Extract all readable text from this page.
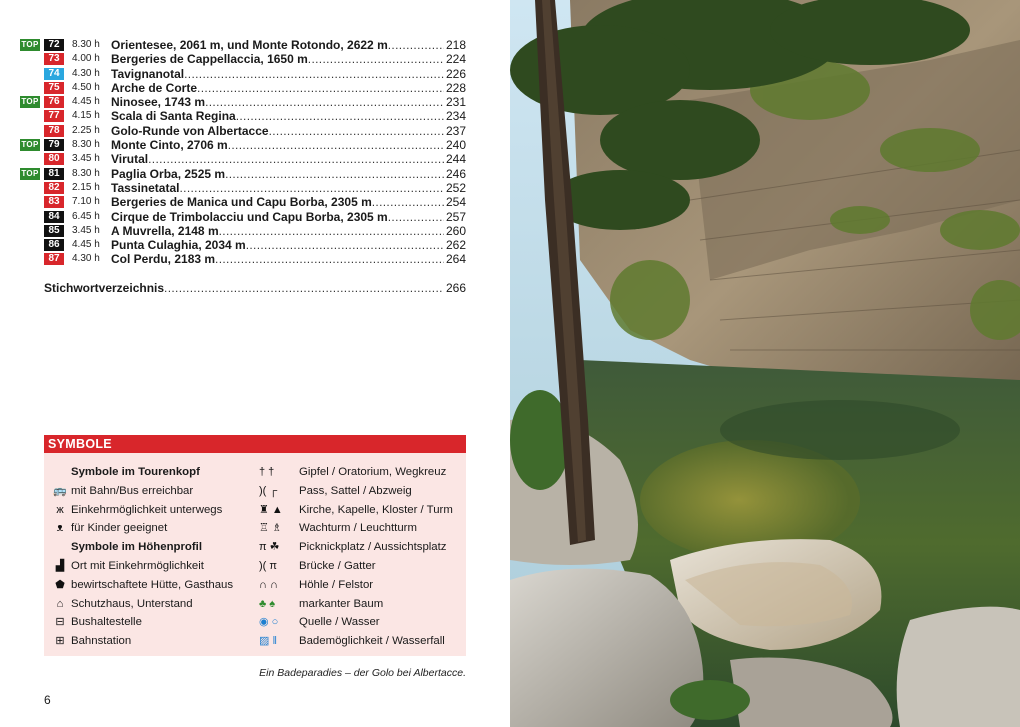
TOP 72	8.30 h Orientesee, 2061 m, und Monte Rotondo, 2622 m . . .	218
73	4.00 h Bergeries de Cappellaccia, 1650 m . . .	224
74	4.30 h Tavignanotal . . .	226
75	4.50 h Arche de Corte . . .	228
TOP 76	4.45 h Ninosee, 1743 m . . .	231
77	4.15 h Scala di Santa Regina . . .	234
78	2.25 h Golo-Runde von Albertacce . . .	237
TOP 79	8.30 h Monte Cinto, 2706 m . . .	240
80	3.45 h Virutal . . .	244
TOP 81	8.30 h Paglia Orba, 2525 m . . .	246
82	2.15 h Tassinetatal . . .	252
83	7.10 h Bergeries de Manica und Capu Borba, 2305 m . . .	254
84	6.45 h Cirque de Trimbolacciu und Capu Borba, 2305 m . . .	257
85	3.45 h A Muvrella, 2148 m . . .	260
86	4.45 h Punta Culaghia, 2034 m . . .	262
87	4.30 h Col Perdu, 2183 m . . .	264
Stichwortverzeichnis . . .	266
SYMBOLE
Symbole im Tourenkopf
🚌 mit Bahn/Bus erreichbar
ж Einkehrmöglichkeit unterwegs
ᴥ für Kinder geeignet
Symbole im Höhenprofil
▟ Ort mit Einkehrmöglichkeit
⬟ bewirtschaftete Hütte, Gasthaus
⌂ Schutzhaus, Unterstand
⊟ Bushaltestelle
⊞ Bahnstation
† † Gipfel / Oratorium, Wegkreuz
)( ┌ Pass, Sattel / Abzweig
♜ ▲ Kirche, Kapelle, Kloster / Turm
♖ ♗ Wachturm / Leuchtturm
π ☘ Picknickplatz / Aussichtsplatz
)( π Brücke / Gatter
∩ ∩ Höhle / Felstor
♣ ♠ markanter Baum
◉ ○ Quelle / Wasser
▨ ‖ Bademöglichkeit / Wasserfall
Ein Badeparadies – der Golo bei Albertacce.
6
